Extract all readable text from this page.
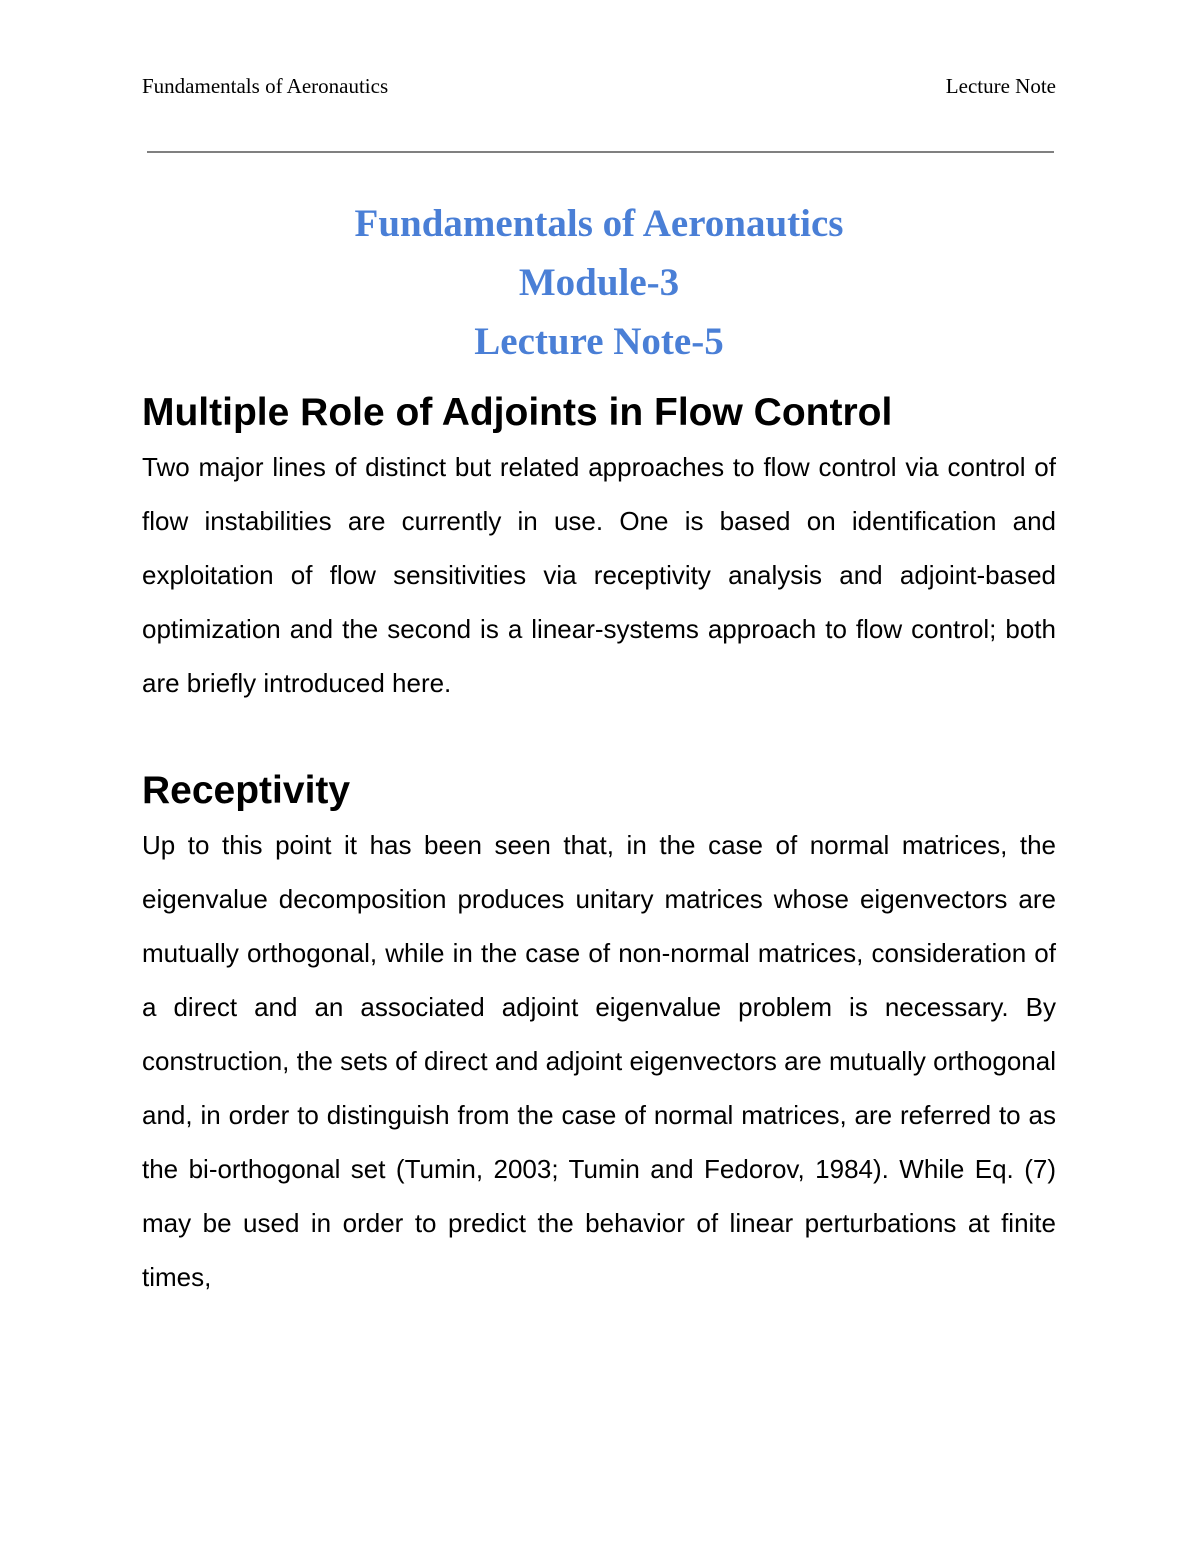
Fundamentals of Aeronautics	Lecture Note
Fundamentals of Aeronautics
Module-3
Lecture Note-5
Multiple Role of Adjoints in Flow Control

Two major lines of distinct but related approaches to flow control via control of flow instabilities are currently in use. One is based on identification and exploitation of flow sensitivities via receptivity analysis and adjoint-based optimization and the second is a linear-systems approach to flow control; both are briefly introduced here.

Receptivity

Up to this point it has been seen that, in the case of normal matrices, the eigenvalue decomposition produces unitary matrices whose eigenvectors are mutually orthogonal, while in the case of non-normal matrices, consideration of a direct and an associated adjoint eigenvalue problem is necessary. By construction, the sets of direct and adjoint eigenvectors are mutually orthogonal and, in order to distinguish from the case of normal matrices, are referred to as the bi-orthogonal set (Tumin, 2003; Tumin and Fedorov, 1984). While Eq. (7) may be used in order to predict the behavior of linear perturbations at finite times,
